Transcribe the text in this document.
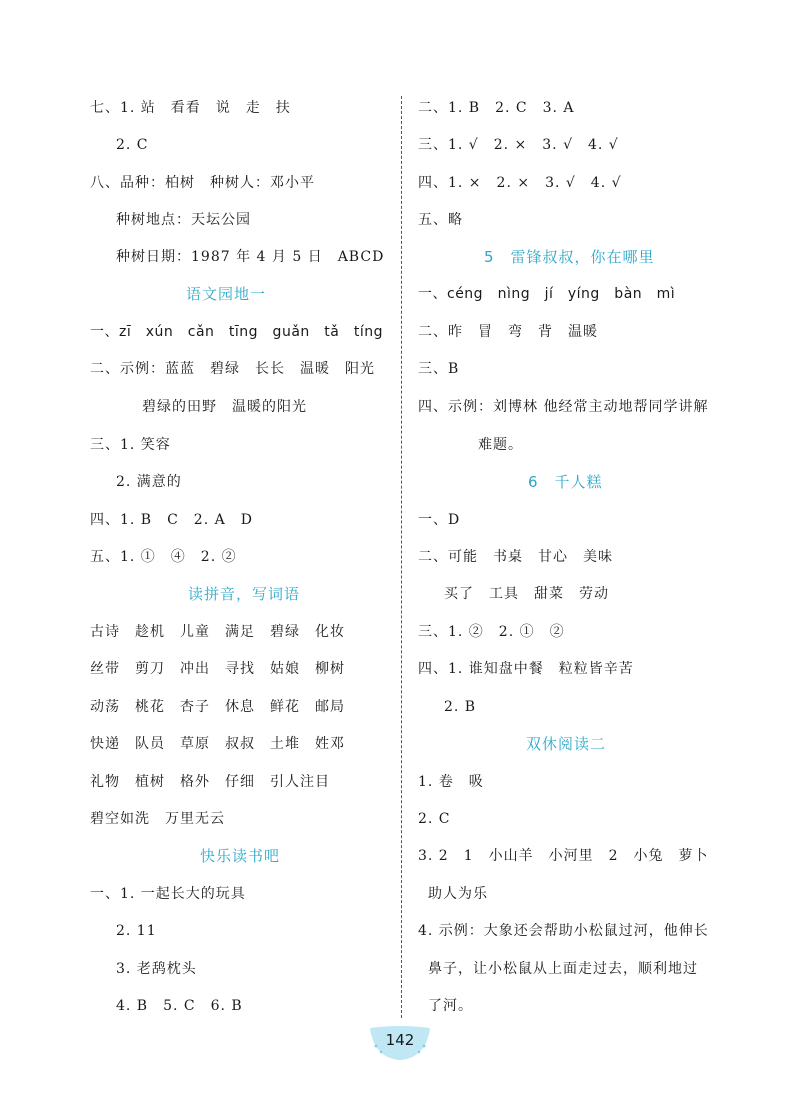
七、1. 站　看看　说　走　扶
2. C
八、品种：柏树　种树人：邓小平
种树地点：天坛公园
种树日期：1987 年 4 月 5 日　ABCD
语文园地一
一、zī　xún　cǎn　tīng　guǎn　tǎ　tíng
二、示例：蓝蓝　碧绿　长长　温暖　阳光
碧绿的田野　温暖的阳光
三、1. 笑容
2. 满意的
四、1. B　C　2. A　D
五、1. ①　④　2. ②
读拼音，写词语
古诗　趁机　儿童　满足　碧绿　化妆
丝带　剪刀　冲出　寻找　姑娘　柳树
动荡　桃花　杏子　休息　鲜花　邮局
快递　队员　草原　叔叔　土堆　姓邓
礼物　植树　格外　仔细　引人注目
碧空如洗　万里无云
快乐读书吧
一、1. 一起长大的玩具
2. 11
3. 老鸹枕头
4. B　5. C　6. B
二、1. B　2. C　3. A
三、1. √　2. ×　3. √　4. √
四、1. ×　2. ×　3. √　4. √
五、略
5　雷锋叔叔，你在哪里
一、céng　nìng　jí　yíng　bàn　mì
二、昨　冒　弯　背　温暖
三、B
四、示例：刘博林 他经常主动地帮同学讲解
难题。
6　千人糕
一、D
二、可能　书桌　甘心　美味
买了　工具　甜菜　劳动
三、1. ②　2. ①　②
四、1. 谁知盘中餐　粒粒皆辛苦
2. B
双休阅读二
1. 卷　吸
2. C
3. 2　1　小山羊　小河里　2　小兔　萝卜
助人为乐
4. 示例：大象还会帮助小松鼠过河，他伸长
鼻子，让小松鼠从上面走过去，顺利地过
了河。
142
